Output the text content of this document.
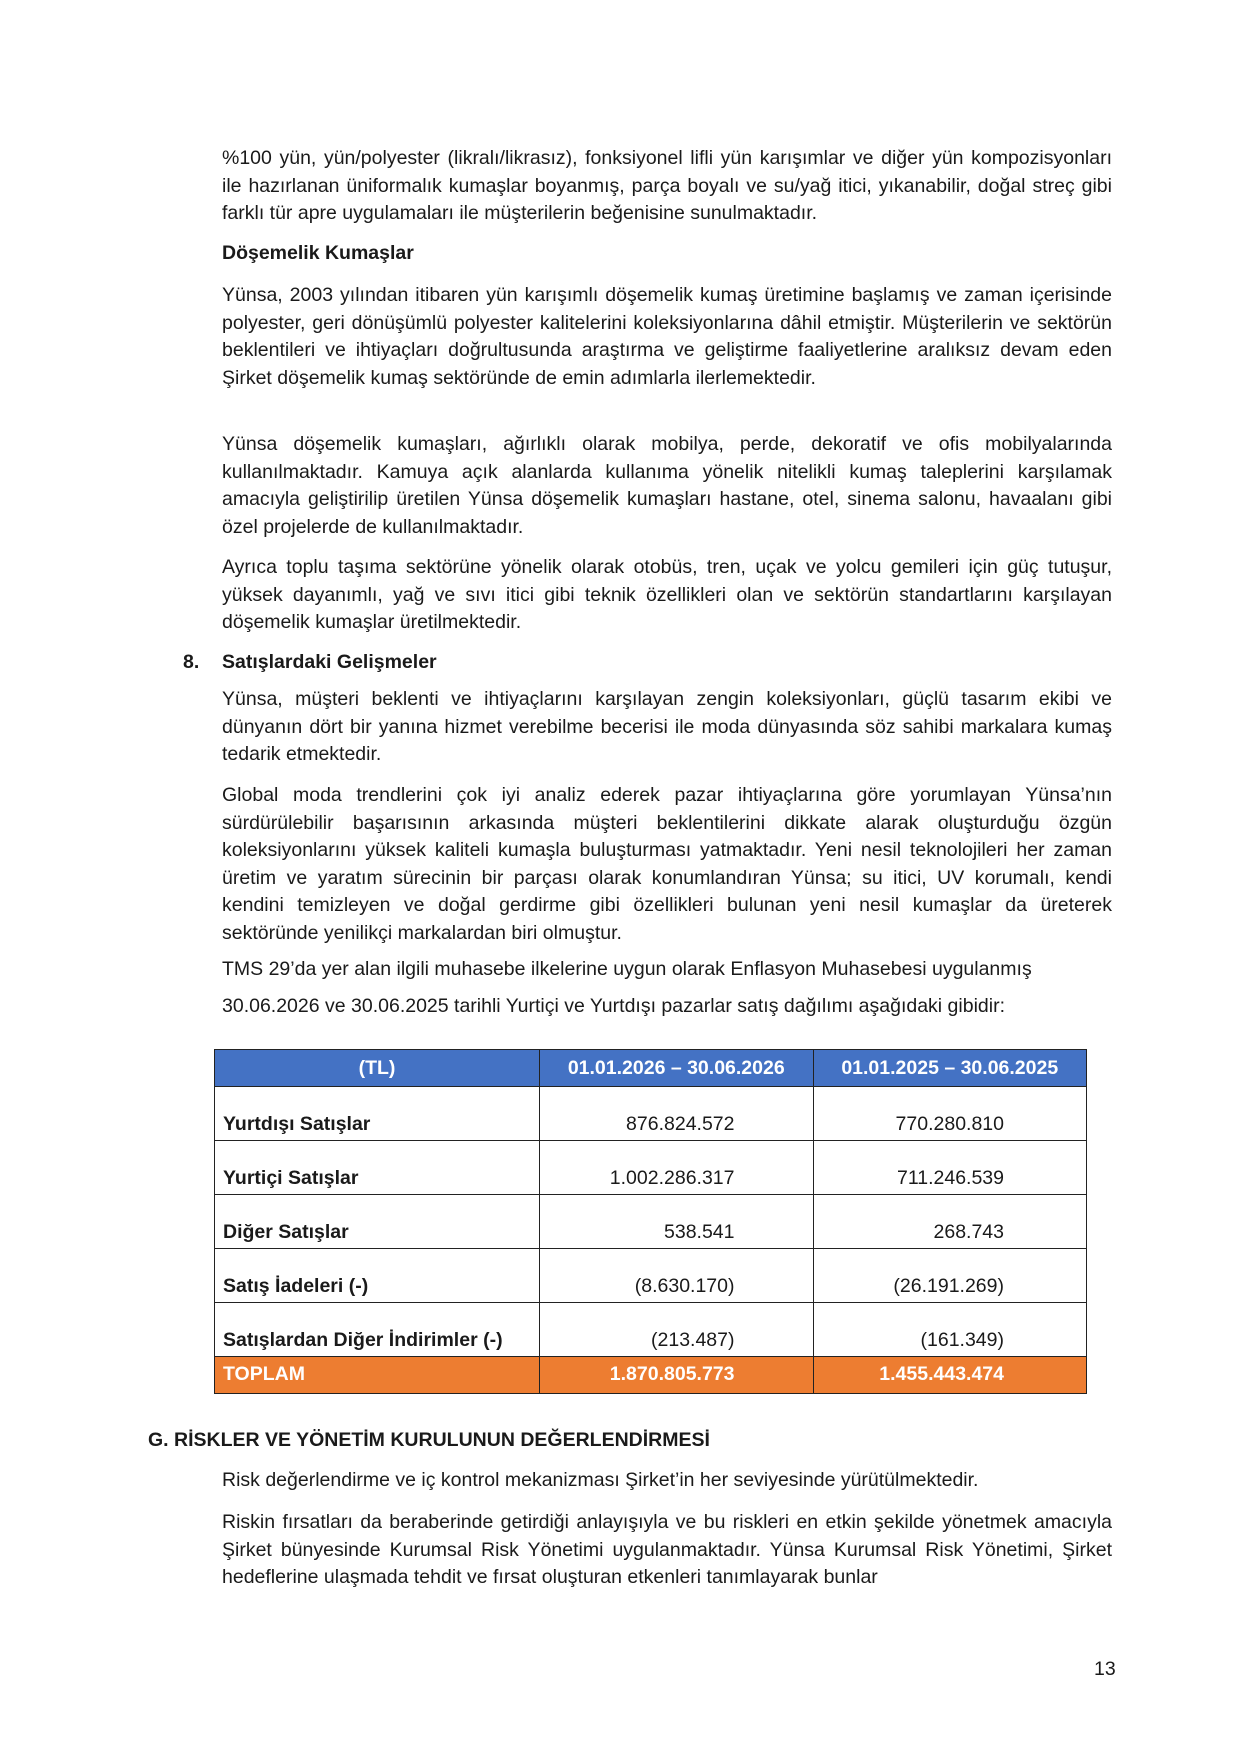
%100 yün, yün/polyester (likralı/likrasız), fonksiyonel lifli yün karışımlar ve diğer yün kompozisyonları ile hazırlanan üniformalık kumaşlar boyanmış, parça boyalı ve su/yağ itici, yıkanabilir, doğal streç gibi farklı tür apre uygulamaları ile müşterilerin beğenisine sunulmaktadır.

Döşemelik Kumaşlar

Yünsa, 2003 yılından itibaren yün karışımlı döşemelik kumaş üretimine başlamış ve zaman içerisinde polyester, geri dönüşümlü polyester kalitelerini koleksiyonlarına dâhil etmiştir. Müşterilerin ve sektörün beklentileri ve ihtiyaçları doğrultusunda araştırma ve geliştirme faaliyetlerine aralıksız devam eden Şirket döşemelik kumaş sektöründe de emin adımlarla ilerlemektedir.

Yünsa döşemelik kumaşları, ağırlıklı olarak mobilya, perde, dekoratif ve ofis mobilyalarında kullanılmaktadır. Kamuya açık alanlarda kullanıma yönelik nitelikli kumaş taleplerini karşılamak amacıyla geliştirilip üretilen Yünsa döşemelik kumaşları hastane, otel, sinema salonu, havaalanı gibi özel projelerde de kullanılmaktadır.

Ayrıca toplu taşıma sektörüne yönelik olarak otobüs, tren, uçak ve yolcu gemileri için güç tutuşur, yüksek dayanımlı, yağ ve sıvı itici gibi teknik özellikleri olan ve sektörün standartlarını karşılayan döşemelik kumaşlar üretilmektedir.

8. Satışlardaki Gelişmeler

Yünsa, müşteri beklenti ve ihtiyaçlarını karşılayan zengin koleksiyonları, güçlü tasarım ekibi ve dünyanın dört bir yanına hizmet verebilme becerisi ile moda dünyasında söz sahibi markalara kumaş tedarik etmektedir.

Global moda trendlerini çok iyi analiz ederek pazar ihtiyaçlarına göre yorumlayan Yünsa’nın sürdürülebilir başarısının arkasında müşteri beklentilerini dikkate alarak oluşturduğu özgün koleksiyonlarını yüksek kaliteli kumaşla buluşturması yatmaktadır. Yeni nesil teknolojileri her zaman üretim ve yaratım sürecinin bir parçası olarak konumlandıran Yünsa; su itici, UV korumalı, kendi kendini temizleyen ve doğal gerdirme gibi özellikleri bulunan yeni nesil kumaşlar da üreterek sektöründe yenilikçi markalardan biri olmuştur.

TMS 29’da yer alan ilgili muhasebe ilkelerine uygun olarak Enflasyon Muhasebesi uygulanmış

30.06.2026 ve 30.06.2025 tarihli Yurtiçi ve Yurtdışı pazarlar satış dağılımı aşağıdaki gibidir:

(TL)	01.01.2026 – 30.06.2026	01.01.2025 – 30.06.2025
Yurtdışı Satışlar	876.824.572	770.280.810
Yurtiçi Satışlar	1.002.286.317	711.246.539
Diğer Satışlar	538.541	268.743
Satış İadeleri (-)	(8.630.170)	(26.191.269)
Satışlardan Diğer İndirimler (-)	(213.487)	(161.349)
TOPLAM	1.870.805.773	1.455.443.474

G. RİSKLER VE YÖNETİM KURULUNUN DEĞERLENDİRMESİ

Risk değerlendirme ve iç kontrol mekanizması Şirket’in her seviyesinde yürütülmektedir.

Riskin fırsatları da beraberinde getirdiği anlayışıyla ve bu riskleri en etkin şekilde yönetmek amacıyla Şirket bünyesinde Kurumsal Risk Yönetimi uygulanmaktadır. Yünsa Kurumsal Risk Yönetimi, Şirket hedeflerine ulaşmada tehdit ve fırsat oluşturan etkenleri tanımlayarak bunlar

13
